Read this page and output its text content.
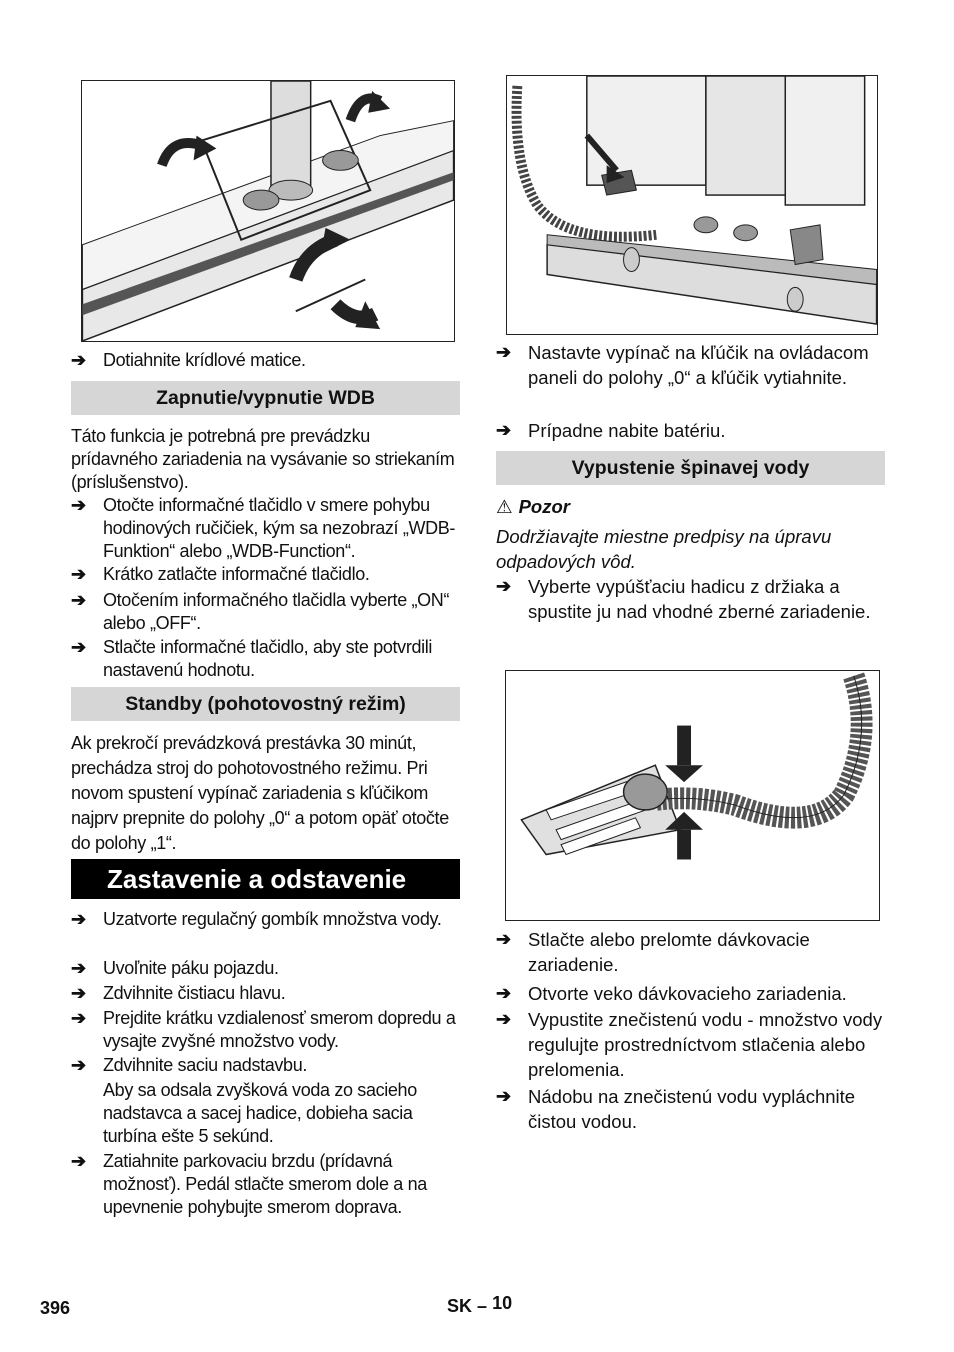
➔ Dotiahnite krídlové matice.
Zapnutie/vypnutie WDB
Táto funkcia je potrebná pre prevádzku prídavného zariadenia na vysávanie so striekaním (príslušenstvo).
➔ Otočte informačné tlačidlo v smere pohybu hodinových ručičiek, kým sa nezobrazí „WDB-Funktion“ alebo „WDB-Function“.
➔ Krátko zatlačte informačné tlačidlo.
➔ Otočením informačného tlačidla vyberte „ON“ alebo „OFF“.
➔ Stlačte informačné tlačidlo, aby ste potvrdili nastavenú hodnotu.
Standby (pohotovostný režim)
Ak prekročí prevádzková prestávka 30 minút, prechádza stroj do pohotovostného režimu. Pri novom spustení vypínač zariadenia s kľúčikom najprv prepnite do polohy „0“ a potom opäť otočte do polohy „1“.
Zastavenie a odstavenie
➔ Uzatvorte regulačný gombík množstva vody.
➔ Uvoľnite páku pojazdu.
➔ Zdvihnite čistiacu hlavu.
➔ Prejdite krátku vzdialenosť smerom dopredu a vysajte zvyšné množstvo vody.
➔ Zdvihnite saciu nadstavbu.
Aby sa odsala zvyšková voda zo sacieho nadstavca a sacej hadice, dobieha sacia turbína ešte 5 sekúnd.
➔ Zatiahnite parkovaciu brzdu (prídavná možnosť). Pedál stlačte smerom dole a na upevnenie pohybujte smerom doprava.
➔ Nastavte vypínač na kľúčik na ovládacom paneli do polohy „0“ a kľúčik vytiahnite.
➔ Prípadne nabite batériu.
Vypustenie špinavej vody
⚠ Pozor
Dodržiavajte miestne predpisy na úpravu odpadových vôd.
➔ Vyberte vypúšťaciu hadicu z držiaka a spustite ju nad vhodné zberné zariadenie.
➔ Stlačte alebo prelomte dávkovacie zariadenie.
➔ Otvorte veko dávkovacieho zariadenia.
➔ Vypustite znečistenú vodu - množstvo vody regulujte prostredníctvom stlačenia alebo prelomenia.
➔ Nádobu na znečistenú vodu vypláchnite čistou vodou.
396	SK – 10
